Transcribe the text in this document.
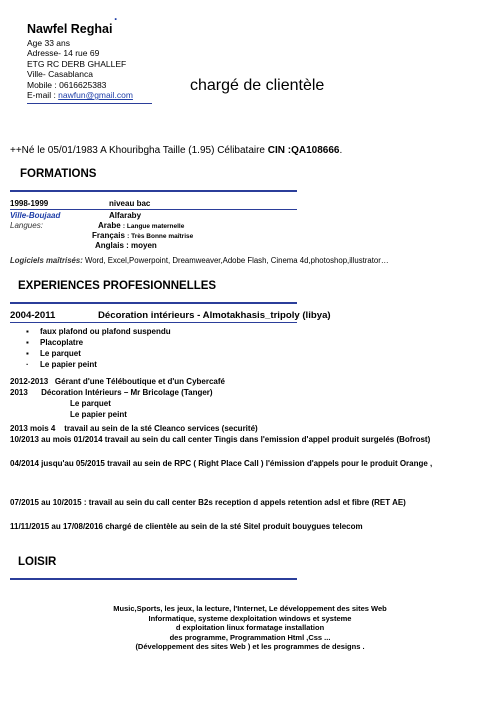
.
Nawfel Reghai
Age 33 ans
Adresse- 14 rue 69
ETG RC DERB GHALLEF
Ville- Casablanca
Mobile : 0616625383
E-mail : nawfun@gmail.com
chargé de clientèle
++Né le 05/01/1983 A Khouribgha Taille (1.95) Célibataire CIN :QA108666.
FORMATIONS
1998-1999	niveau bac
Ville-Boujaad	Alfaraby
Langues:	Arabe : Langue maternelle
Français : Très Bonne maîtrise
Anglais : moyen
Logiciels maîtrisés: Word, Excel,Powerpoint, Dreamweaver,Adobe Flash, Cinema 4d,photoshop,illustrator…
EXPERIENCES PROFESIONNELLES
2004-2011	Décoration intérieurs - Almotakhasis_tripoly (libya)
▪ faux plafond ou plafond suspendu
▪ Placoplatre
▪ Le parquet
· Le papier peint
2012-2013   Gérant d'une Téléboutique et d'un Cybercafé
2013      Décoration Intérieurs – Mr Bricolage (Tanger)
Le parquet
Le papier peint
2013 mois 4    travail au sein de la sté Cleanco services (securité)
10/2013 au mois 01/2014 travail au sein du call center Tingis dans l'emission d'appel produit surgelés (Bofrost)
04/2014 jusqu'au 05/2015 travail au sein de RPC ( Right Place Call ) l'émission d'appels pour le produit Orange ,
07/2015 au 10/2015 : travail au sein du call center B2s reception d appels retention adsl et fibre (RET AE)
11/11/2015 au 17/08/2016 chargé de clientèle au sein de la sté Sitel produit bouygues telecom
LOISIR
Music,Sports, les jeux, la lecture, l'Internet, Le développement des sites Web
Informatique, systeme dexploitation windows et systeme
d exploitation linux formatage installation
des programme, Programmation Html ,Css ...
(Développement des sites Web ) et les programmes de designs .
